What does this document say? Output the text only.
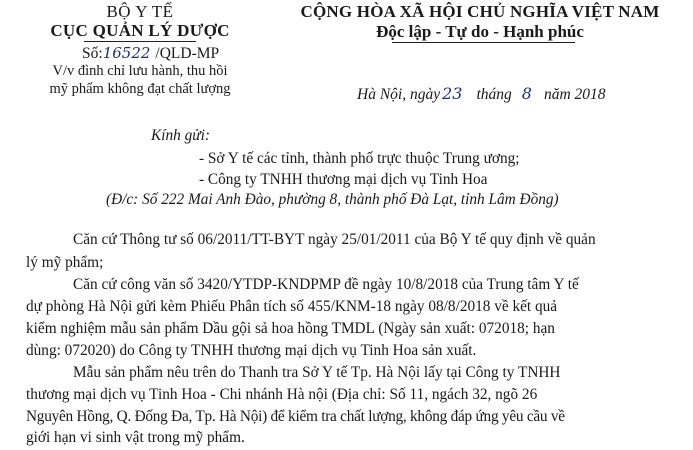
BỘ Y TẾ
CỤC QUẢN LÝ DƯỢC
Số:16522 /QLD-MP
V/v đình chỉ lưu hành, thu hồi
mỹ phẩm không đạt chất lượng
CỘNG HÒA XÃ HỘI CHỦ NGHĨA VIỆT NAM
Độc lập - Tự do - Hạnh phúc
Hà Nội, ngày 23 tháng 8 năm 2018
Kính gửi:
- Sở Y tế các tỉnh, thành phố trực thuộc Trung ương;
- Công ty TNHH thương mại dịch vụ Tinh Hoa
(Đ/c: Số 222 Mai Anh Đào, phường 8, thành phố Đà Lạt, tỉnh Lâm Đồng)
Căn cứ Thông tư số 06/2011/TT-BYT ngày 25/01/2011 của Bộ Y tế quy định về quản
lý mỹ phẩm;
Căn cứ công văn số 3420/YTDP-KNDPMP đề ngày 10/8/2018 của Trung tâm Y tế
dự phòng Hà Nội gửi kèm Phiếu Phân tích số 455/KNM-18 ngày 08/8/2018 về kết quả
kiểm nghiệm mẫu sản phẩm Dầu gội sả hoa hồng TMDL (Ngày sản xuất: 072018; hạn
dùng: 072020) do Công ty TNHH thương mại dịch vụ Tinh Hoa sản xuất.
Mẫu sản phẩm nêu trên do Thanh tra Sở Y tế Tp. Hà Nội lấy tại Công ty TNHH
thương mại dịch vụ Tinh Hoa - Chi nhánh Hà nội (Địa chỉ: Số 11, ngách 32, ngõ 26
Nguyên Hồng, Q. Đống Đa, Tp. Hà Nội) để kiểm tra chất lượng, không đáp ứng yêu cầu về
giới hạn vi sinh vật trong mỹ phẩm.
